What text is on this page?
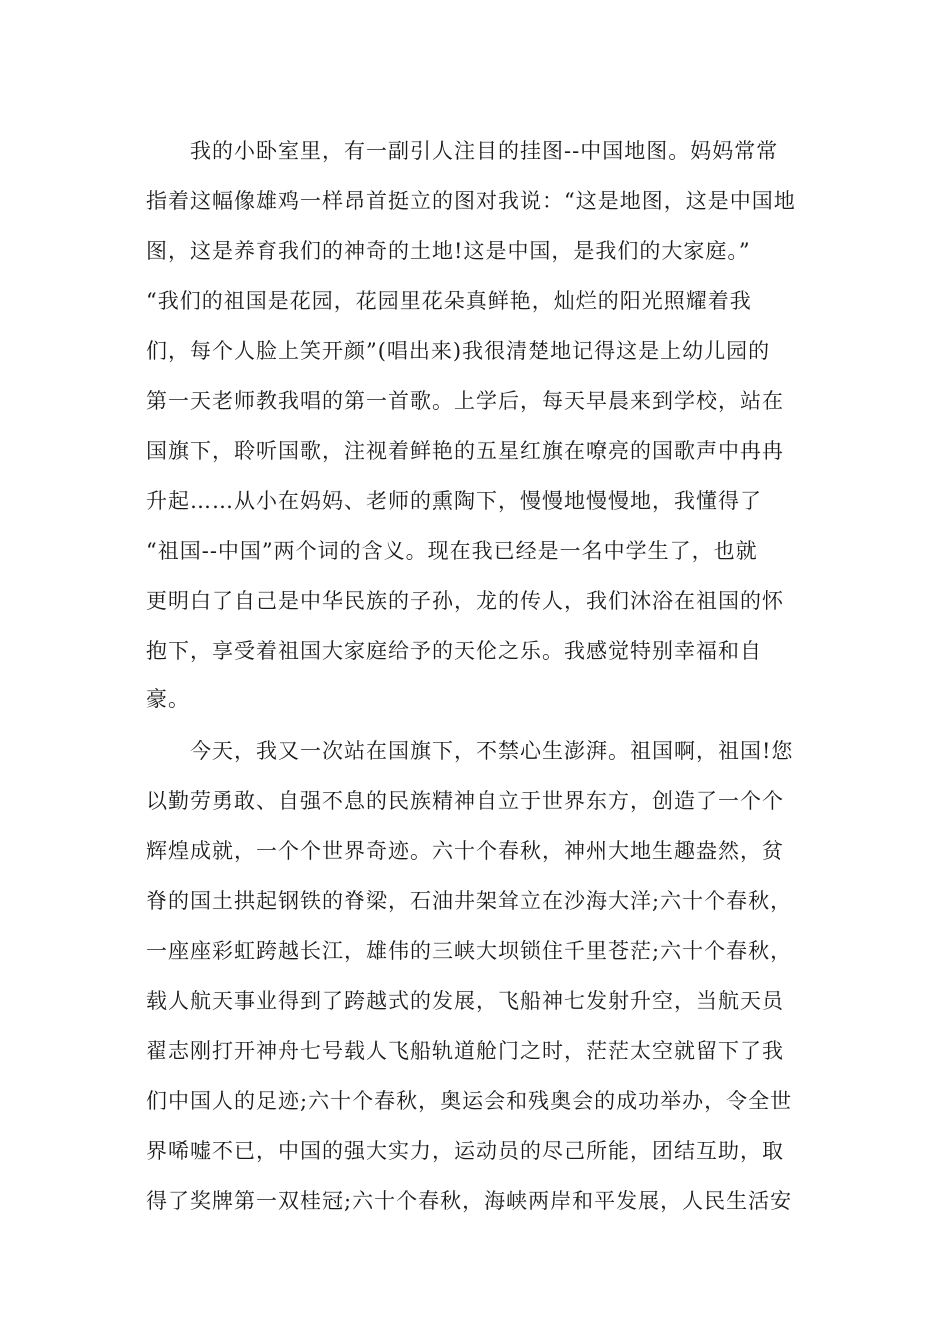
我的小卧室里，有一副引人注目的挂图--中国地图。妈妈常常
指着这幅像雄鸡一样昂首挺立的图对我说：“这是地图，这是中国地
图，这是养育我们的神奇的土地!这是中国，是我们的大家庭。”
“我们的祖国是花园，花园里花朵真鲜艳，灿烂的阳光照耀着我
们，每个人脸上笑开颜”(唱出来)我很清楚地记得这是上幼儿园的
第一天老师教我唱的第一首歌。上学后，每天早晨来到学校，站在
国旗下，聆听国歌，注视着鲜艳的五星红旗在嘹亮的国歌声中冉冉
升起……从小在妈妈、老师的熏陶下，慢慢地慢慢地，我懂得了
“祖国--中国”两个词的含义。现在我已经是一名中学生了，也就
更明白了自己是中华民族的子孙，龙的传人，我们沐浴在祖国的怀
抱下，享受着祖国大家庭给予的天伦之乐。我感觉特别幸福和自
豪。
今天，我又一次站在国旗下，不禁心生澎湃。祖国啊，祖国!您
以勤劳勇敢、自强不息的民族精神自立于世界东方，创造了一个个
辉煌成就，一个个世界奇迹。六十个春秋，神州大地生趣盎然，贫
脊的国土拱起钢铁的脊梁，石油井架耸立在沙海大洋;六十个春秋，
一座座彩虹跨越长江，雄伟的三峡大坝锁住千里苍茫;六十个春秋，
载人航天事业得到了跨越式的发展，飞船神七发射升空，当航天员
翟志刚打开神舟七号载人飞船轨道舱门之时，茫茫太空就留下了我
们中国人的足迹;六十个春秋，奥运会和残奥会的成功举办，令全世
界唏嘘不已，中国的强大实力，运动员的尽己所能，团结互助，取
得了奖牌第一双桂冠;六十个春秋，海峡两岸和平发展，人民生活安
